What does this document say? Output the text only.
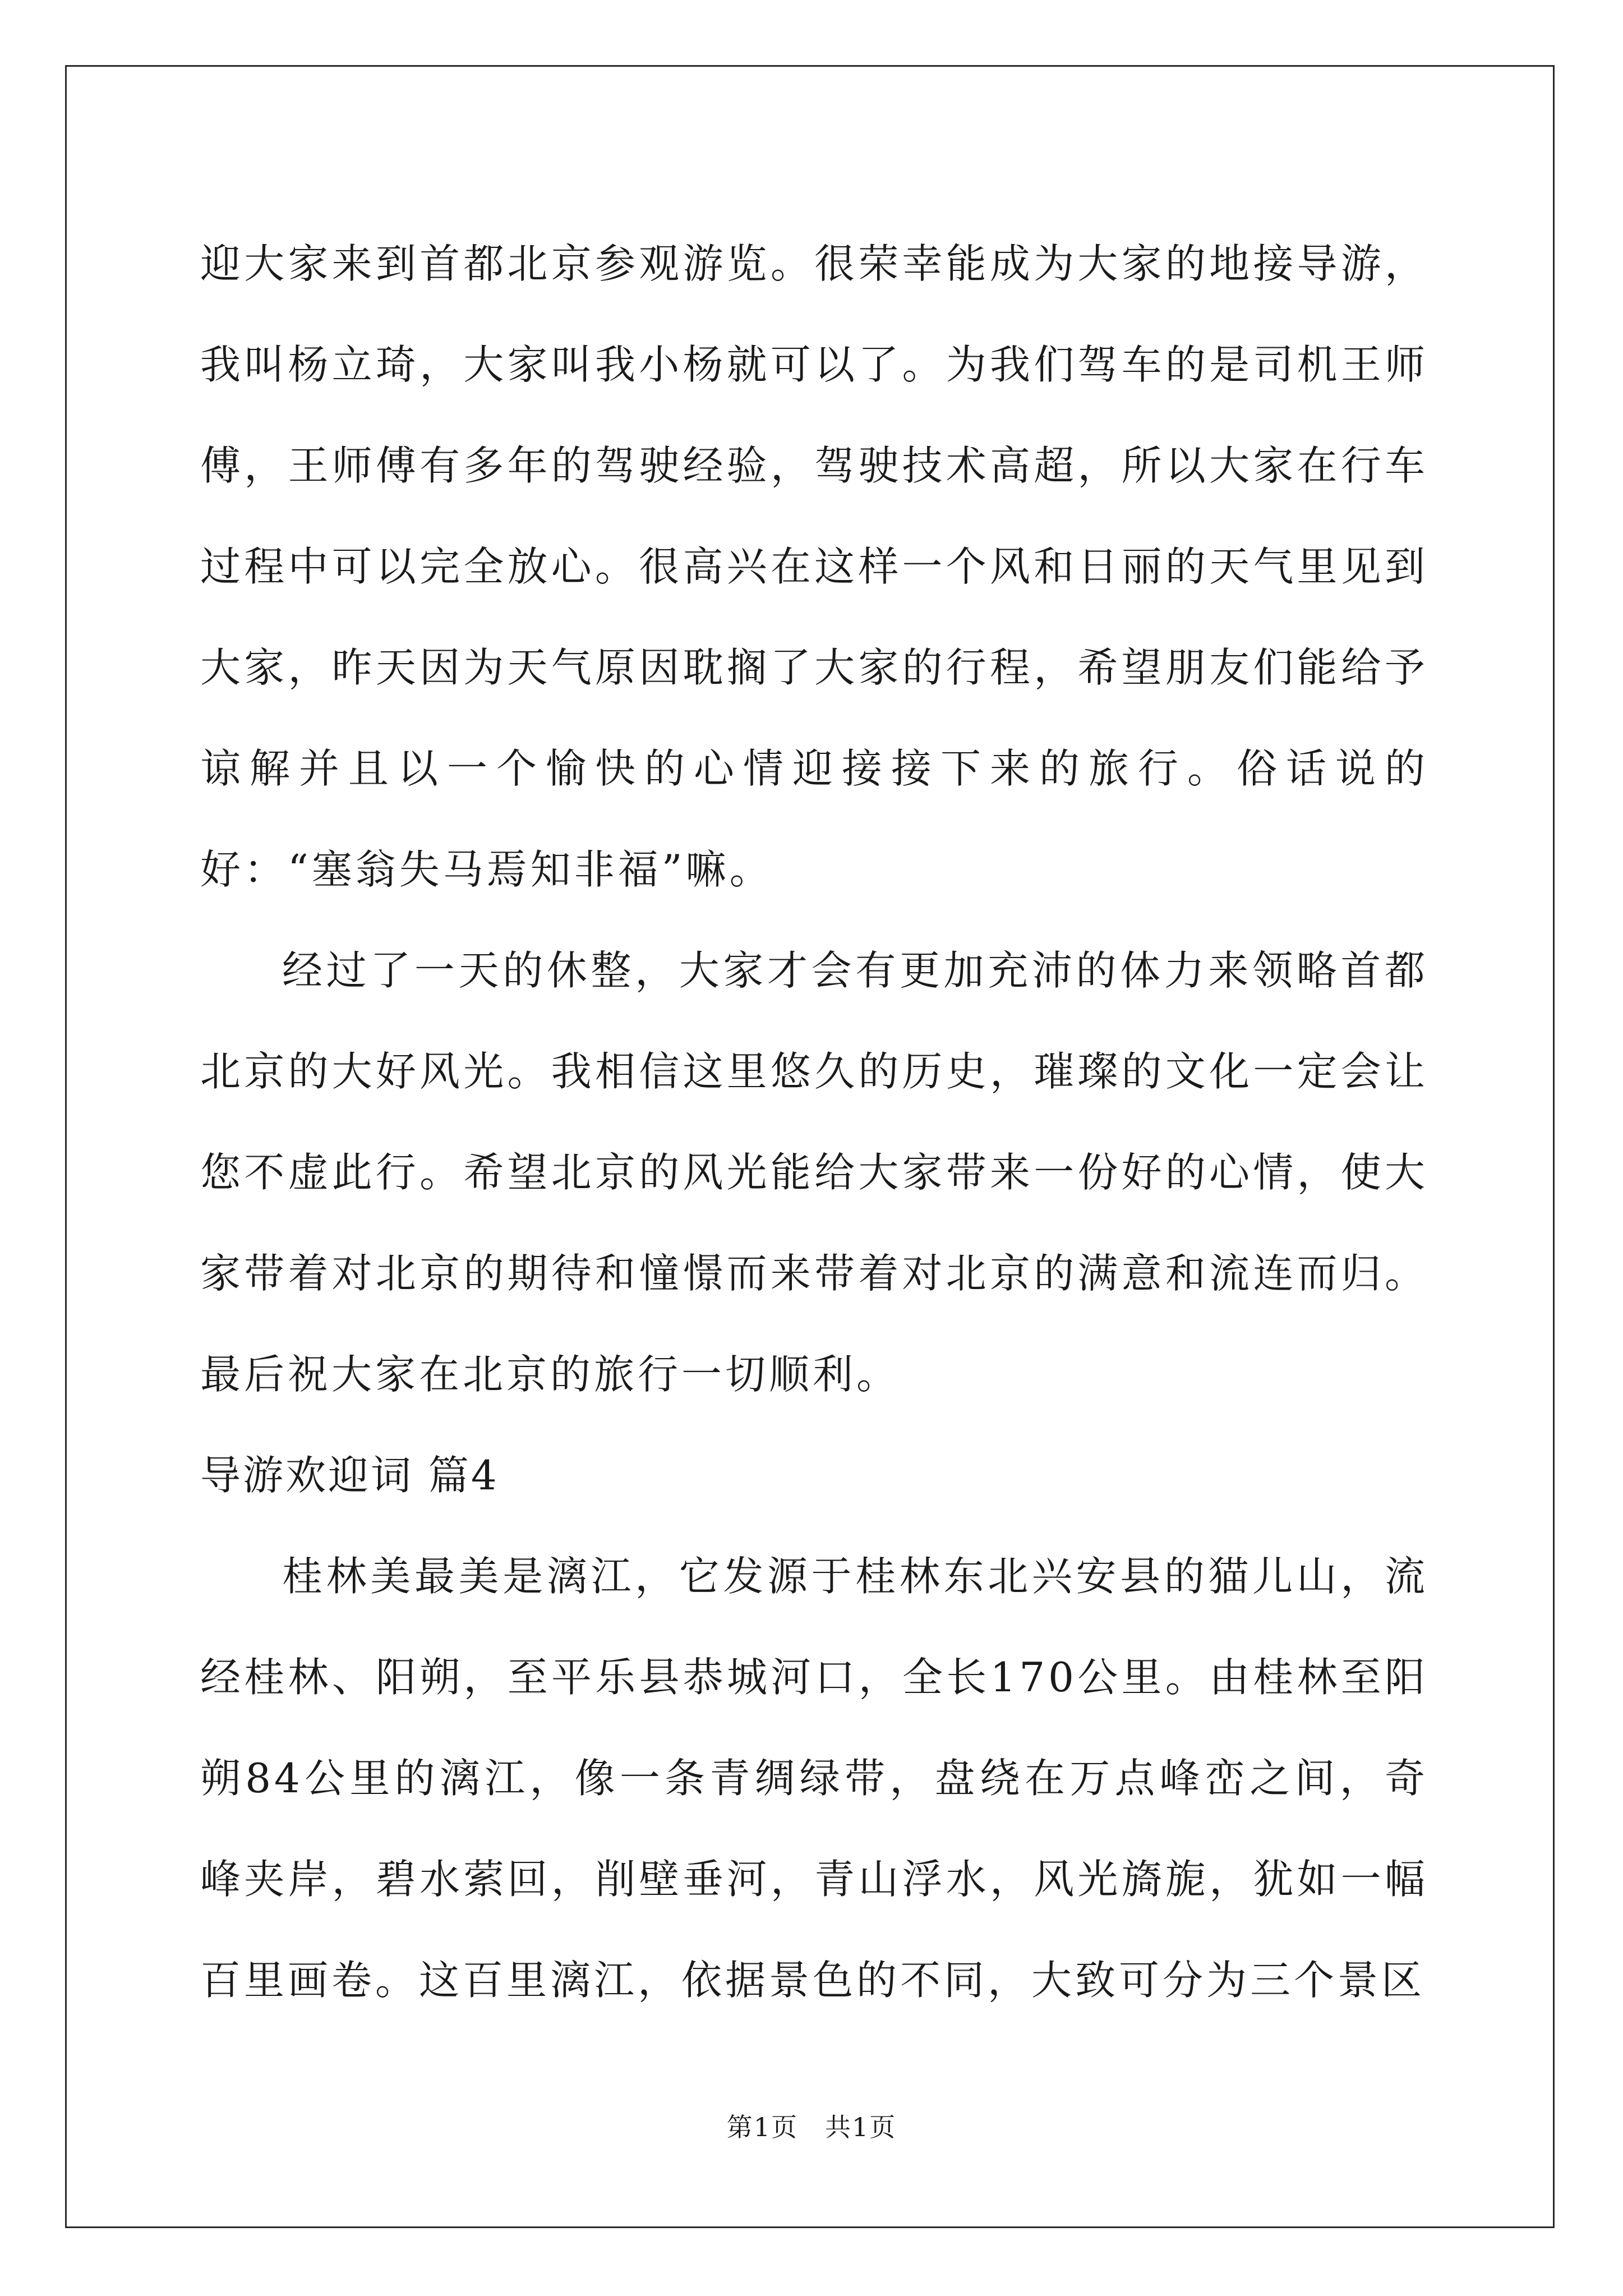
迎大家来到首都北京参观游览。很荣幸能成为大家的地接导游，我叫杨立琦，大家叫我小杨就可以了。为我们驾车的是司机王师傅，王师傅有多年的驾驶经验，驾驶技术高超，所以大家在行车过程中可以完全放心。很高兴在这样一个风和日丽的天气里见到大家，昨天因为天气原因耽搁了大家的行程，希望朋友们能给予谅解并且以一个愉快的心情迎接接下来的旅行。俗话说的好：“塞翁失马焉知非福”嘛。

经过了一天的休整，大家才会有更加充沛的体力来领略首都北京的大好风光。我相信这里悠久的历史，璀璨的文化一定会让您不虚此行。希望北京的风光能给大家带来一份好的心情，使大家带着对北京的期待和憧憬而来带着对北京的满意和流连而归。最后祝大家在北京的旅行一切顺利。

导游欢迎词 篇4

桂林美最美是漓江，它发源于桂林东北兴安县的猫儿山，流经桂林、阳朔，至平乐县恭城河口，全长170公里。由桂林至阳朔84公里的漓江，像一条青绸绿带，盘绕在万点峰峦之间，奇峰夹岸，碧水萦回，削壁垂河，青山浮水，风光旖旎，犹如一幅百里画卷。这百里漓江，依据景色的不同，大致可分为三个景区

第1页　共1页
